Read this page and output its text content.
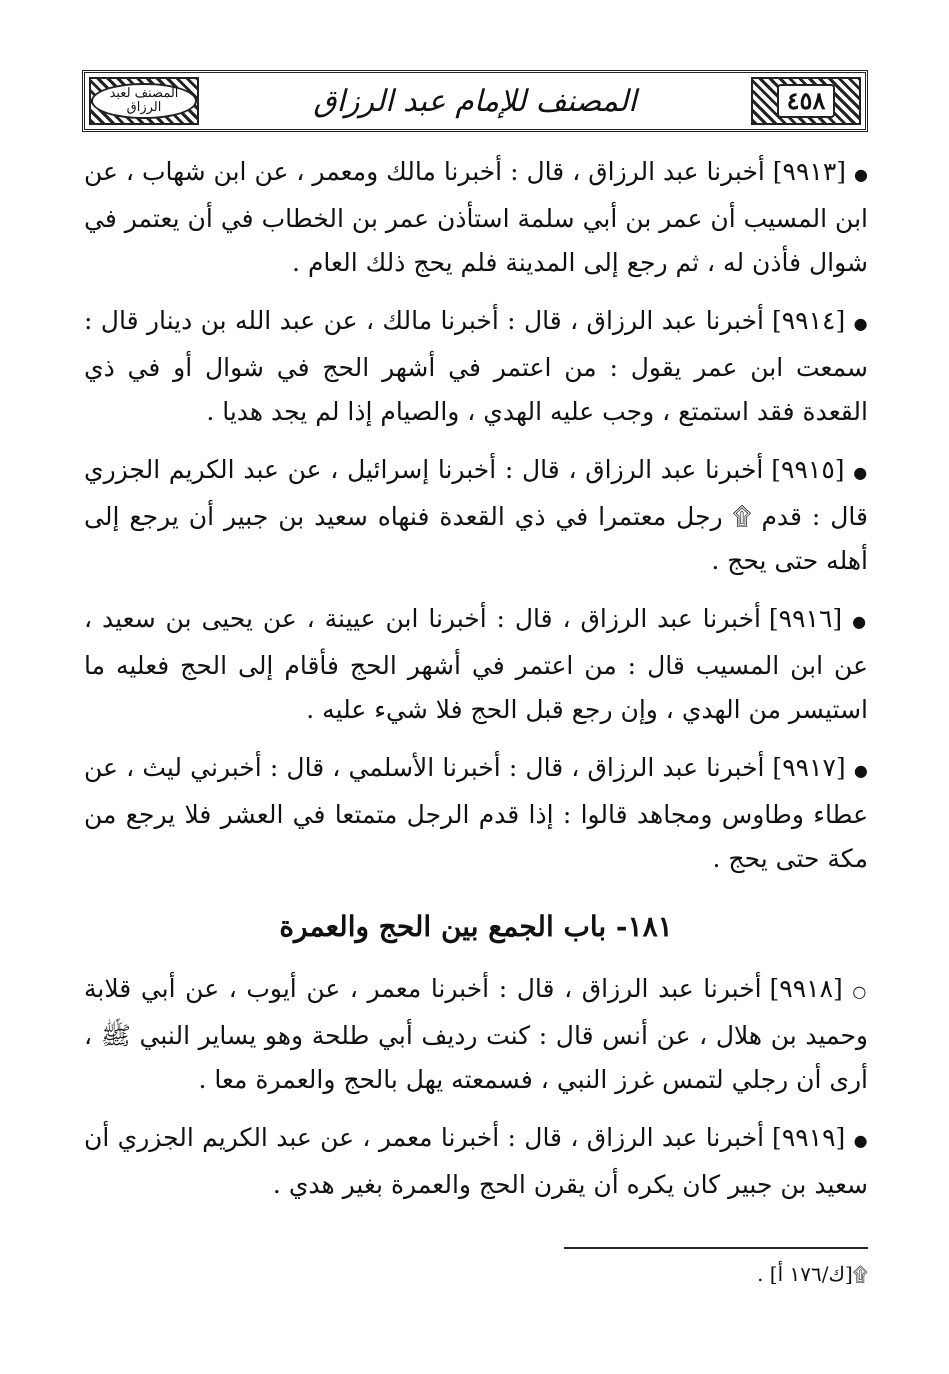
المصنف لعبد الرزاق	المصنف للإمام عبد الرزاق	٤٥٨

● [٩٩١٣] أخبرنا عبد الرزاق ، قال : أخبرنا مالك ومعمر ، عن ابن شهاب ، عن ابن المسيب أن عمر بن أبي سلمة استأذن عمر بن الخطاب في أن يعتمر في شوال فأذن له ، ثم رجع إلى المدينة فلم يحج ذلك العام .

● [٩٩١٤] أخبرنا عبد الرزاق ، قال : أخبرنا مالك ، عن عبد الله بن دينار قال : سمعت ابن عمر يقول : من اعتمر في أشهر الحج في شوال أو في ذي القعدة فقد استمتع ، وجب عليه الهدي ، والصيام إذا لم يجد هديا .

● [٩٩١٥] أخبرنا عبد الرزاق ، قال : أخبرنا إسرائيل ، عن عبد الكريم الجزري قال : قدم ۩ رجل معتمرا في ذي القعدة فنهاه سعيد بن جبير أن يرجع إلى أهله حتى يحج .

● [٩٩١٦] أخبرنا عبد الرزاق ، قال : أخبرنا ابن عيينة ، عن يحيى بن سعيد ، عن ابن المسيب قال : من اعتمر في أشهر الحج فأقام إلى الحج فعليه ما استيسر من الهدي ، وإن رجع قبل الحج فلا شيء عليه .

● [٩٩١٧] أخبرنا عبد الرزاق ، قال : أخبرنا الأسلمي ، قال : أخبرني ليث ، عن عطاء وطاوس ومجاهد قالوا : إذا قدم الرجل متمتعا في العشر فلا يرجع من مكة حتى يحج .

١٨١- باب الجمع بين الحج والعمرة

○ [٩٩١٨] أخبرنا عبد الرزاق ، قال : أخبرنا معمر ، عن أيوب ، عن أبي قلابة وحميد بن هلال ، عن أنس قال : كنت رديف أبي طلحة وهو يساير النبي ﷺ ، أرى أن رجلي لتمس غرز النبي ، فسمعته يهل بالحج والعمرة معا .

● [٩٩١٩] أخبرنا عبد الرزاق ، قال : أخبرنا معمر ، عن عبد الكريم الجزري أن سعيد بن جبير كان يكره أن يقرن الحج والعمرة بغير هدي .

۩[ك/١٧٦ أ] .
